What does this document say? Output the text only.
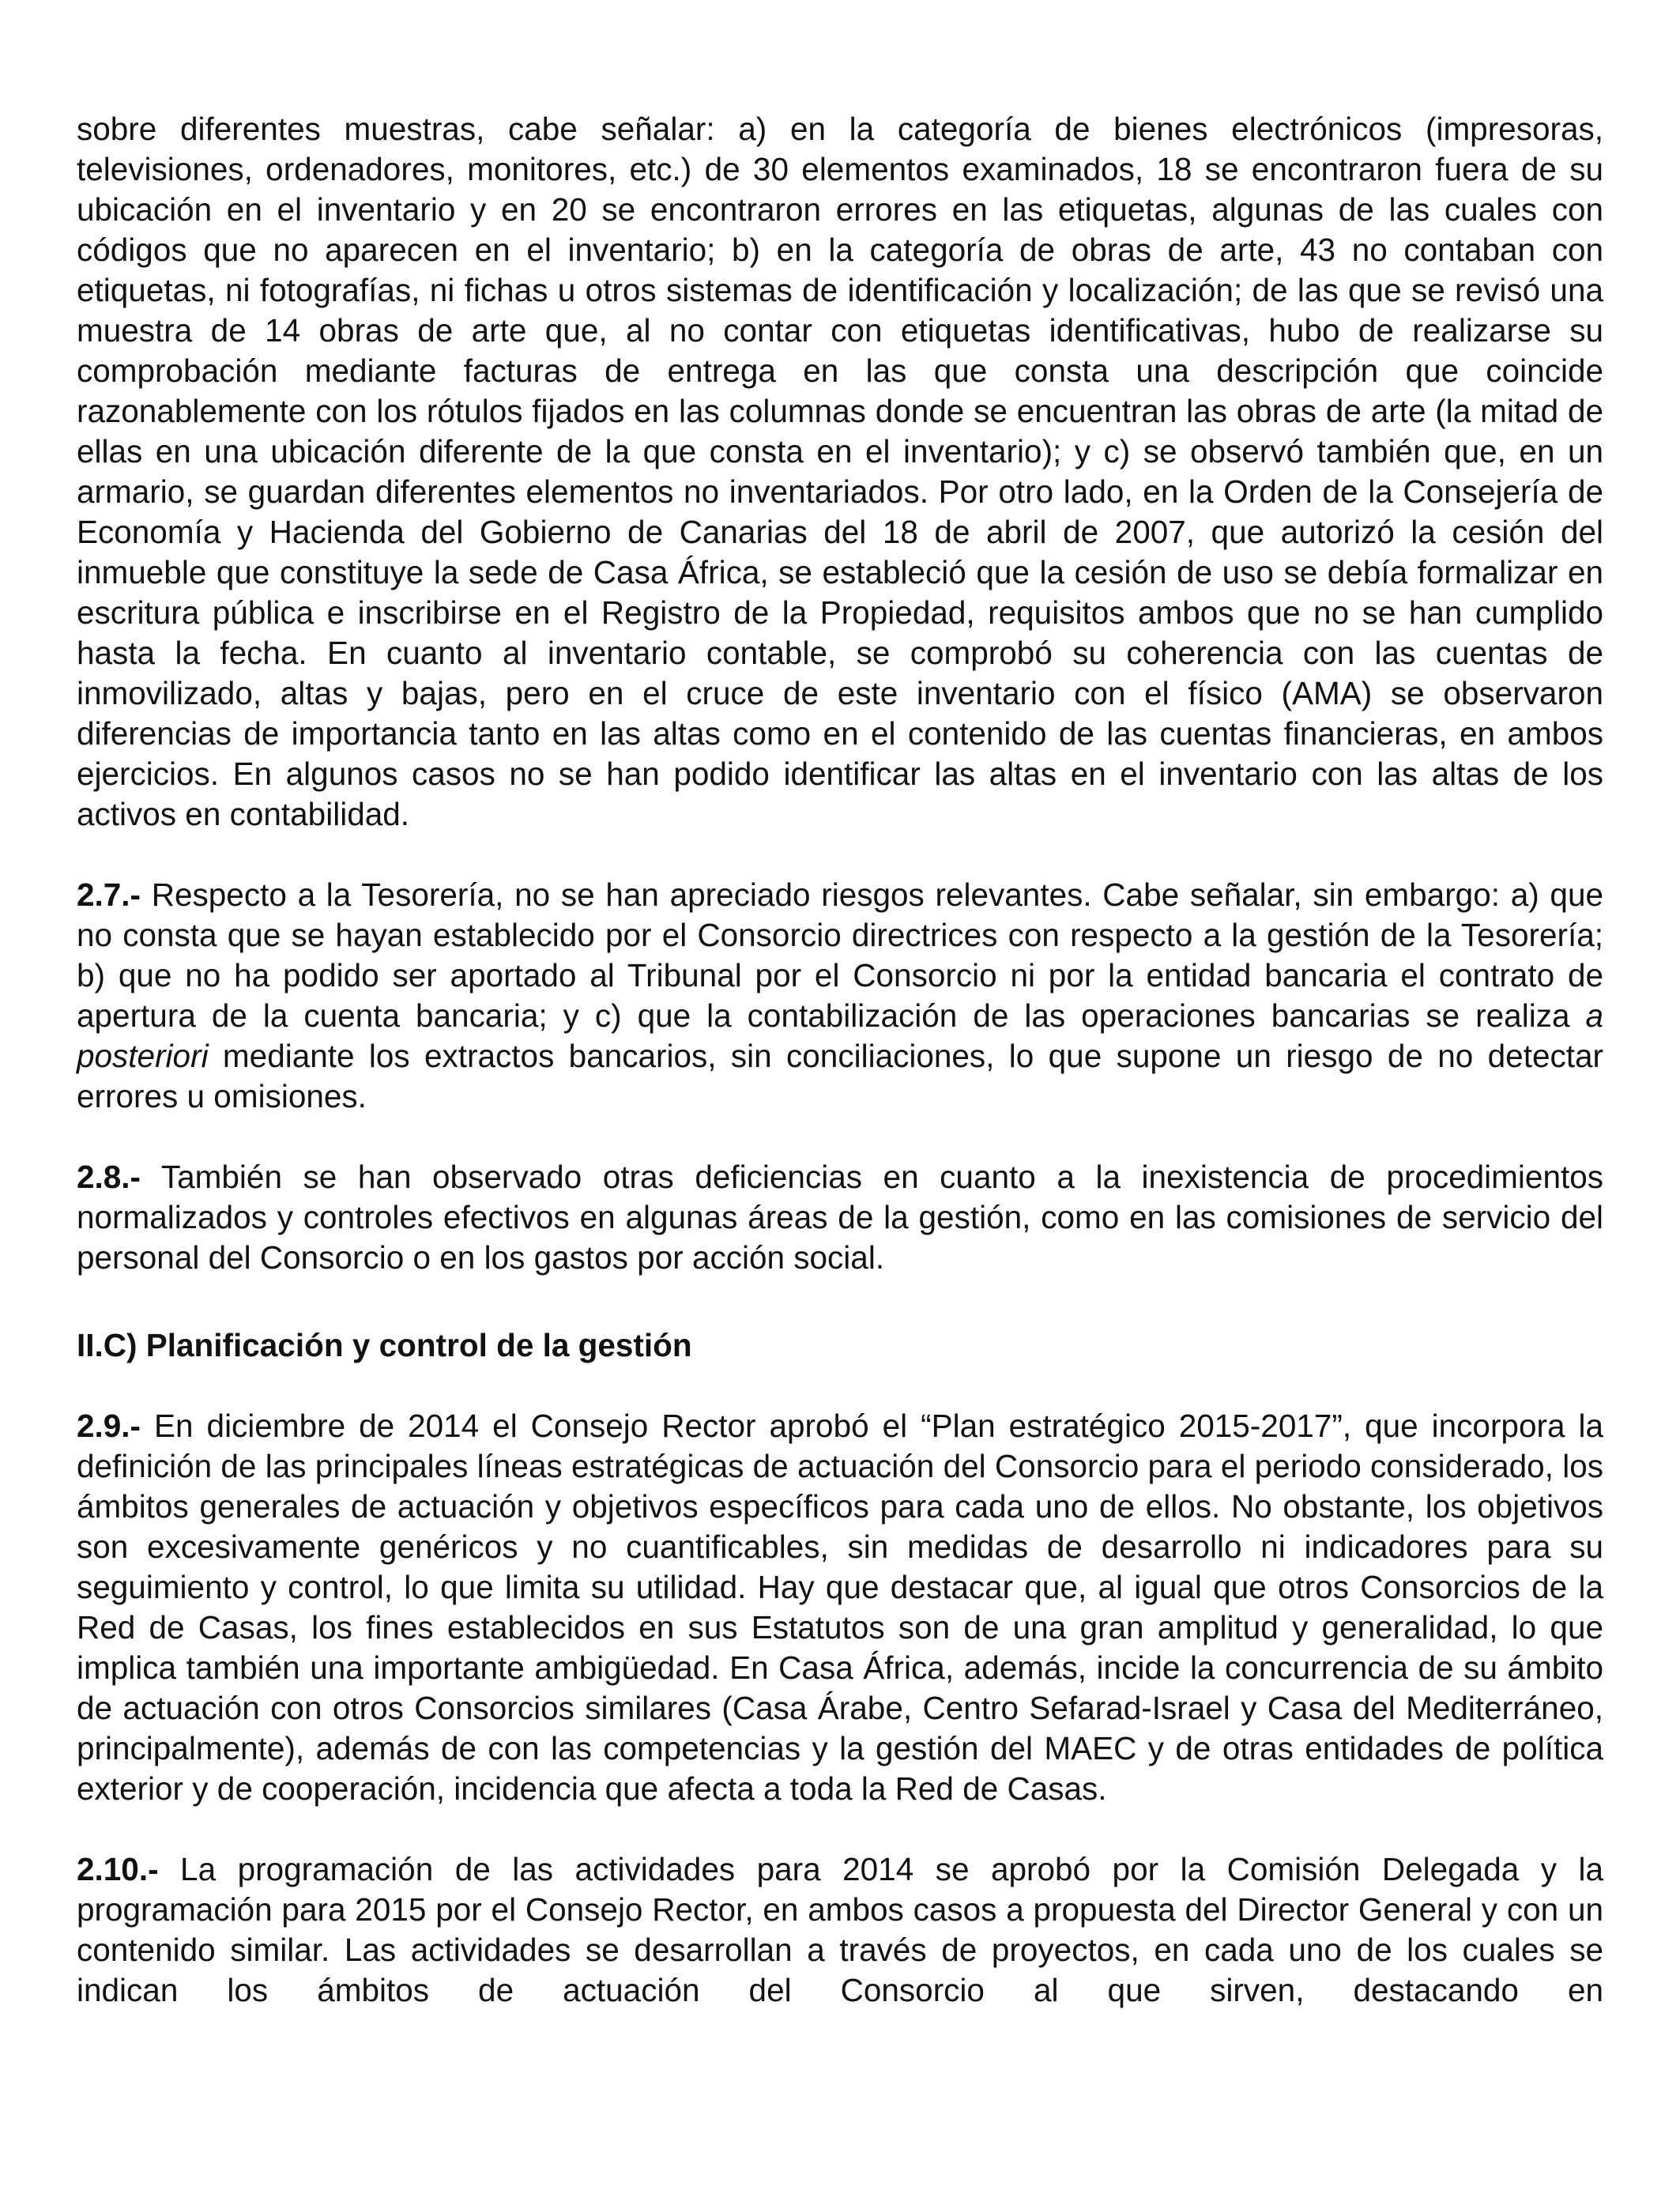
sobre diferentes muestras, cabe señalar: a) en la categoría de bienes electrónicos (impresoras, televisiones, ordenadores, monitores, etc.) de 30 elementos examinados, 18 se encontraron fuera de su ubicación en el inventario y en 20 se encontraron errores en las etiquetas, algunas de las cuales con códigos que no aparecen en el inventario; b) en la categoría de obras de arte, 43 no contaban con etiquetas, ni fotografías, ni fichas u otros sistemas de identificación y localización; de las que se revisó una muestra de 14 obras de arte que, al no contar con etiquetas identificativas, hubo de realizarse su comprobación mediante facturas de entrega en las que consta una descripción que coincide razonablemente con los rótulos fijados en las columnas donde se encuentran las obras de arte (la mitad de ellas en una ubicación diferente de la que consta en el inventario); y c) se observó también que, en un armario, se guardan diferentes elementos no inventariados. Por otro lado, en la Orden de la Consejería de Economía y Hacienda del Gobierno de Canarias del 18 de abril de 2007, que autorizó la cesión del inmueble que constituye la sede de Casa África, se estableció que la cesión de uso se debía formalizar en escritura pública e inscribirse en el Registro de la Propiedad, requisitos ambos que no se han cumplido hasta la fecha. En cuanto al inventario contable, se comprobó su coherencia con las cuentas de inmovilizado, altas y bajas, pero en el cruce de este inventario con el físico (AMA) se observaron diferencias de importancia tanto en las altas como en el contenido de las cuentas financieras, en ambos ejercicios. En algunos casos no se han podido identificar las altas en el inventario con las altas de los activos en contabilidad.

2.7.- Respecto a la Tesorería, no se han apreciado riesgos relevantes. Cabe señalar, sin embargo: a) que no consta que se hayan establecido por el Consorcio directrices con respecto a la gestión de la Tesorería; b) que no ha podido ser aportado al Tribunal por el Consorcio ni por la entidad bancaria el contrato de apertura de la cuenta bancaria; y c) que la contabilización de las operaciones bancarias se realiza a posteriori mediante los extractos bancarios, sin conciliaciones, lo que supone un riesgo de no detectar errores u omisiones.

2.8.- También se han observado otras deficiencias en cuanto a la inexistencia de procedimientos normalizados y controles efectivos en algunas áreas de la gestión, como en las comisiones de servicio del personal del Consorcio o en los gastos por acción social.

II.C) Planificación y control de la gestión

2.9.- En diciembre de 2014 el Consejo Rector aprobó el “Plan estratégico 2015-2017”, que incorpora la definición de las principales líneas estratégicas de actuación del Consorcio para el periodo considerado, los ámbitos generales de actuación y objetivos específicos para cada uno de ellos. No obstante, los objetivos son excesivamente genéricos y no cuantificables, sin medidas de desarrollo ni indicadores para su seguimiento y control, lo que limita su utilidad. Hay que destacar que, al igual que otros Consorcios de la Red de Casas, los fines establecidos en sus Estatutos son de una gran amplitud y generalidad, lo que implica también una importante ambigüedad. En Casa África, además, incide la concurrencia de su ámbito de actuación con otros Consorcios similares (Casa Árabe, Centro Sefarad-Israel y Casa del Mediterráneo, principalmente), además de con las competencias y la gestión del MAEC y de otras entidades de política exterior y de cooperación, incidencia que afecta a toda la Red de Casas.

2.10.- La programación de las actividades para 2014 se aprobó por la Comisión Delegada y la programación para 2015 por el Consejo Rector, en ambos casos a propuesta del Director General y con un contenido similar. Las actividades se desarrollan a través de proyectos, en cada uno de los cuales se indican los ámbitos de actuación del Consorcio al que sirven, destacando en
